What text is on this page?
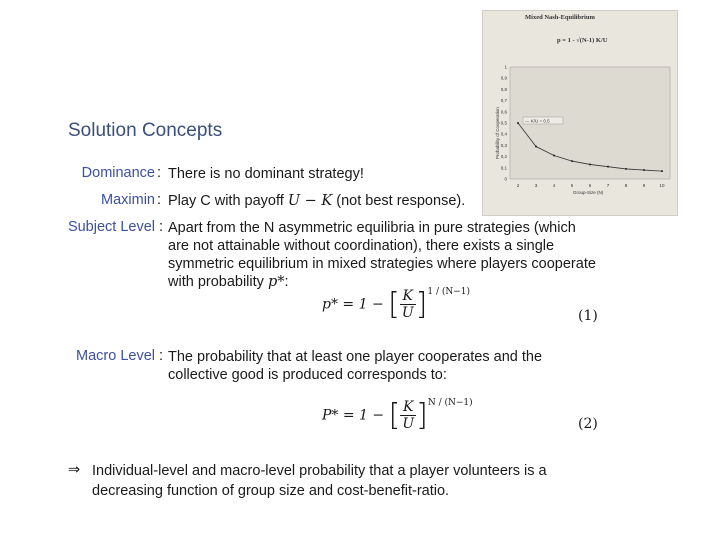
Mixed Nash-Equilibrium
p = 1 - √(N-1) K/U
0
0,1
0,2
0,3
0,4
0,5
0,6
0,7
0,8
0,9
1
2	3	4	5	6	7	8	9	10
--- K/U = 0.5
Probability of Cooperation
Group-Size (N)
Solution Concepts
Dominance : There is no dominant strategy!
Maximin : Play C with payoff U − K (not best response).
Subject Level : Apart from the N asymmetric equilibria in pure strategies (which
are not attainable without coordination), there exists a single
symmetric equilibrium in mixed strategies where players cooperate
with probability p*:
p* = 1 − [ $\frac{K}{U} ]^{1 / (N-1)}$
(1)
Macro Level : The probability that at least one player cooperates and the
collective good is produced corresponds to:
P* = 1 − [ $\frac{K}{U} ]^{N / (N-1)}$
(2)
⇒ Individual-level and macro-level probability that a player volunteers is a
decreasing function of group size and cost-benefit-ratio.
